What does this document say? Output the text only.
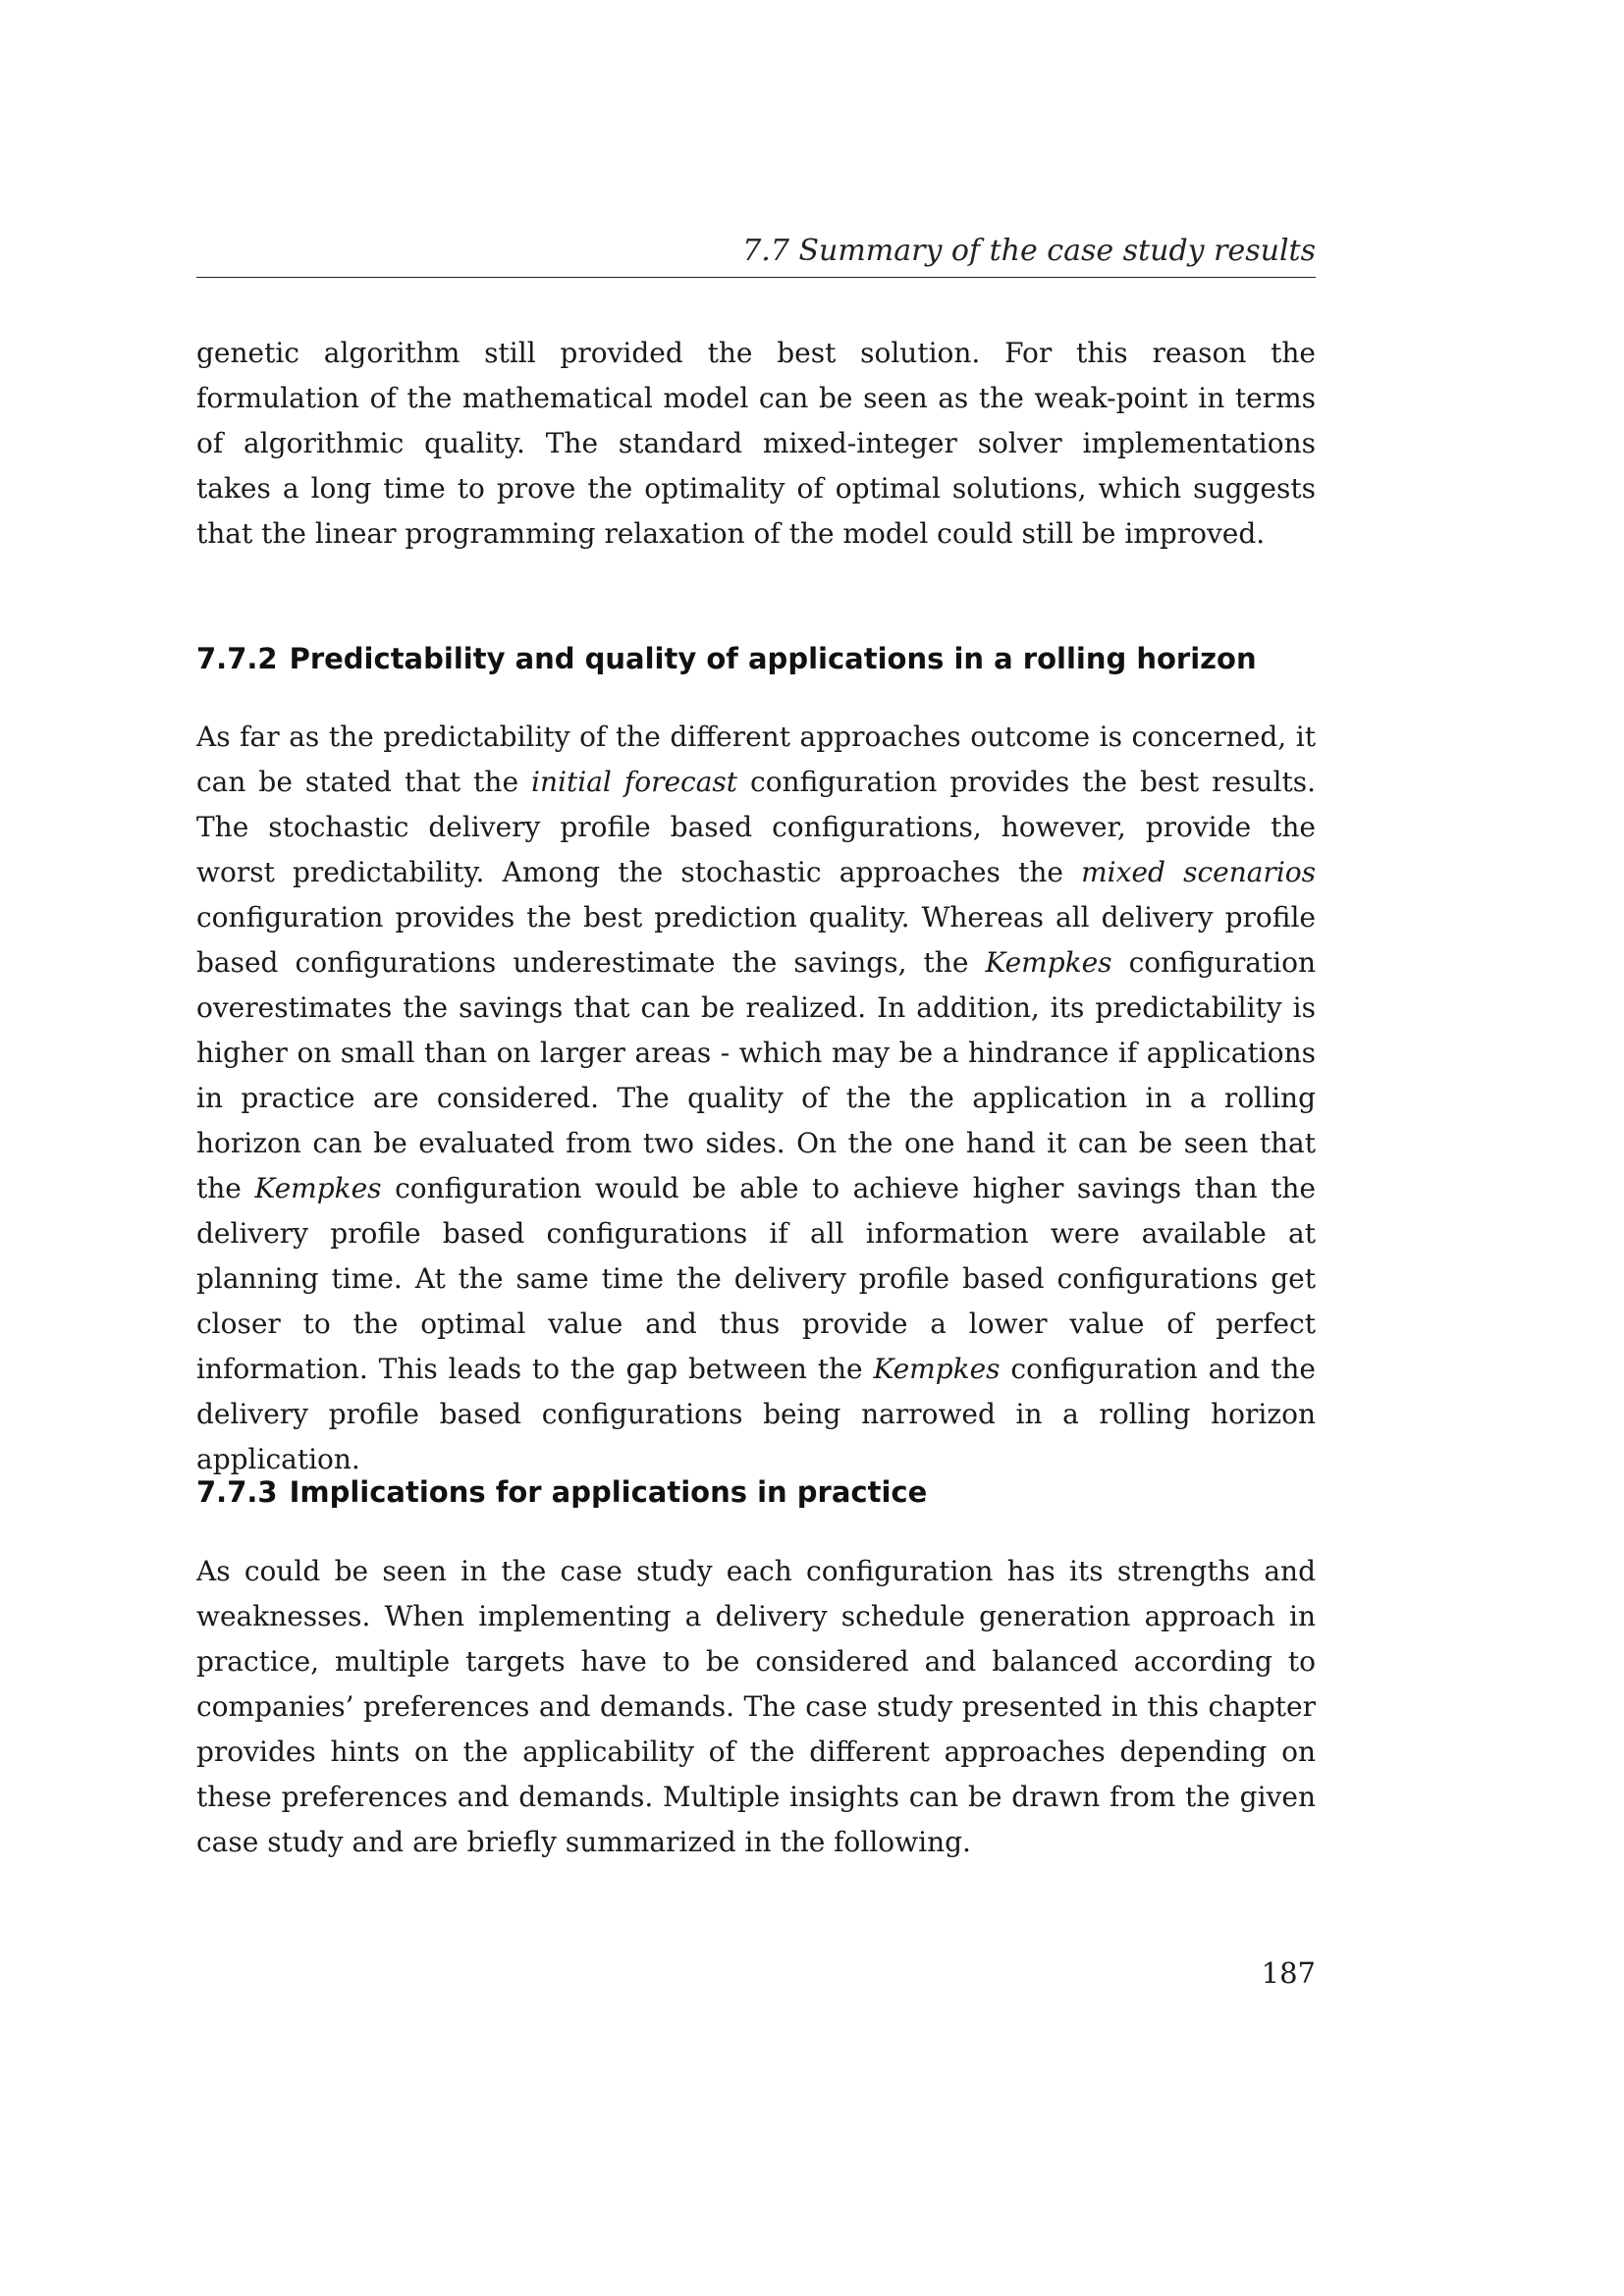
7.7 Summary of the case study results

genetic algorithm still provided the best solution. For this reason the formulation of the mathematical model can be seen as the weak-point in terms of algorithmic quality. The standard mixed-integer solver implementations takes a long time to prove the optimality of optimal solutions, which suggests that the linear programming relaxation of the model could still be improved.

7.7.2 Predictability and quality of applications in a rolling horizon

As far as the predictability of the different approaches outcome is concerned, it can be stated that the initial forecast configuration provides the best results. The stochastic delivery profile based configurations, however, provide the worst predictability. Among the stochastic approaches the mixed scenarios configuration provides the best prediction quality. Whereas all delivery profile based configurations underestimate the savings, the Kempkes configuration overestimates the savings that can be realized. In addition, its predictability is higher on small than on larger areas - which may be a hindrance if applications in practice are considered. The quality of the the application in a rolling horizon can be evaluated from two sides. On the one hand it can be seen that the Kempkes configuration would be able to achieve higher savings than the delivery profile based configurations if all information were available at planning time. At the same time the delivery profile based configurations get closer to the optimal value and thus provide a lower value of perfect information. This leads to the gap between the Kempkes configuration and the delivery profile based configurations being narrowed in a rolling horizon application.

7.7.3 Implications for applications in practice

As could be seen in the case study each configuration has its strengths and weaknesses. When implementing a delivery schedule generation approach in practice, multiple targets have to be considered and balanced according to companies’ preferences and demands. The case study presented in this chapter provides hints on the applicability of the different approaches depending on these preferences and demands. Multiple insights can be drawn from the given case study and are briefly summarized in the following.

187
